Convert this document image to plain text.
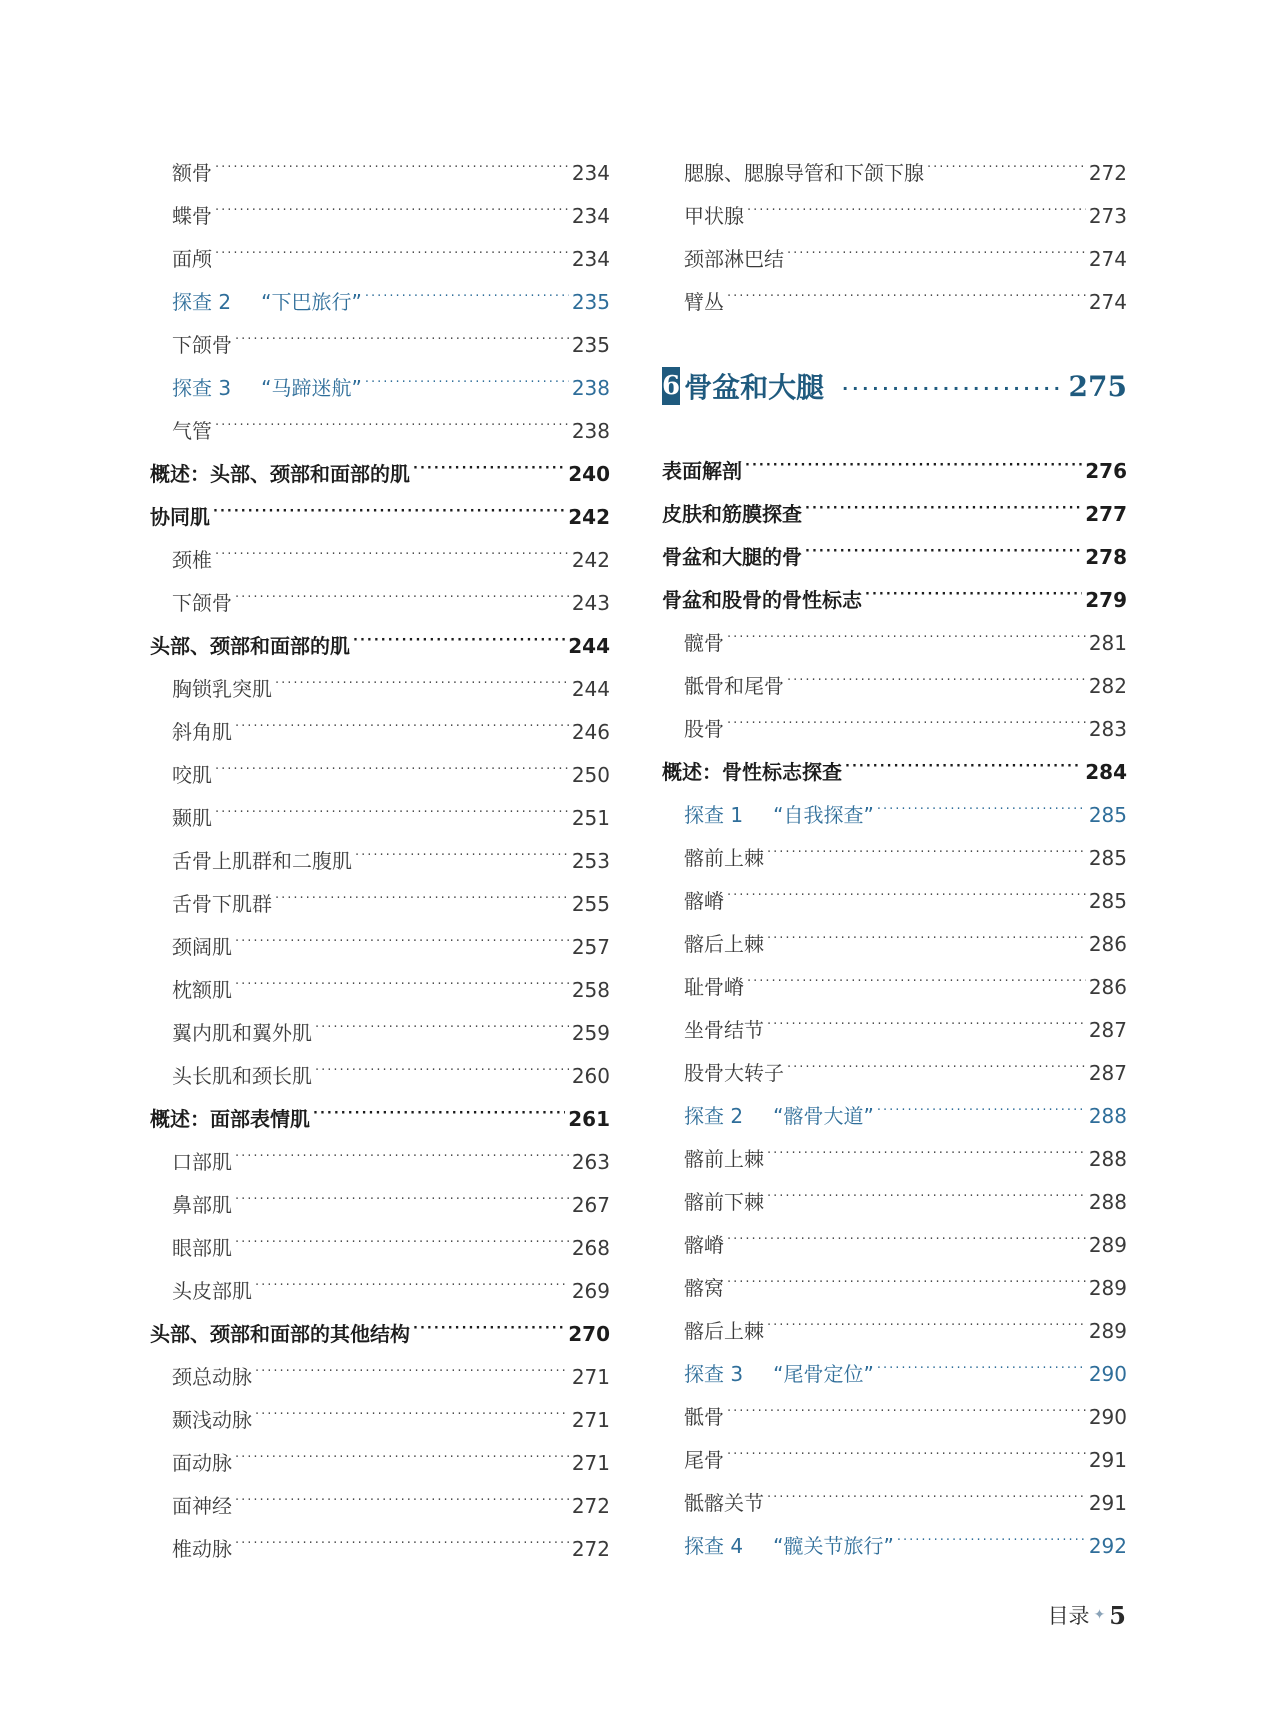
额骨 ·····	234
蝶骨 ·····	234
面颅 ·····	234
探查 2 “下巴旅行” ·····	235
下颌骨 ·····	235
探查 3 “马蹄迷航” ·····	238
气管 ·····	238
概述：头部、颈部和面部的肌 ·····	240
协同肌 ·····	242
颈椎 ·····	242
下颌骨 ·····	243
头部、颈部和面部的肌 ·····	244
胸锁乳突肌 ·····	244
斜角肌 ·····	246
咬肌 ·····	250
颞肌 ·····	251
舌骨上肌群和二腹肌 ·····	253
舌骨下肌群 ·····	255
颈阔肌 ·····	257
枕额肌 ·····	258
翼内肌和翼外肌 ·····	259
头长肌和颈长肌 ·····	260
概述：面部表情肌 ·····	261
口部肌 ·····	263
鼻部肌 ·····	267
眼部肌 ·····	268
头皮部肌 ·····	269
头部、颈部和面部的其他结构 ·····	270
颈总动脉 ·····	271
颞浅动脉 ·····	271
面动脉 ·····	271
面神经 ·····	272
椎动脉 ·····	272
腮腺、腮腺导管和下颌下腺 ·····	272
甲状腺 ·····	273
颈部淋巴结 ·····	274
臂丛 ·····	274
6 骨盆和大腿 ·····	275
表面解剖 ·····	276
皮肤和筋膜探查 ·····	277
骨盆和大腿的骨 ·····	278
骨盆和股骨的骨性标志 ·····	279
髋骨 ·····	281
骶骨和尾骨 ·····	282
股骨 ·····	283
概述：骨性标志探查 ·····	284
探查 1 “自我探查” ·····	285
髂前上棘 ·····	285
髂嵴 ·····	285
髂后上棘 ·····	286
耻骨嵴 ·····	286
坐骨结节 ·····	287
股骨大转子 ·····	287
探查 2 “髂骨大道” ·····	288
髂前上棘 ·····	288
髂前下棘 ·····	288
髂嵴 ·····	289
髂窝 ·····	289
髂后上棘 ·····	289
探查 3 “尾骨定位” ·····	290
骶骨 ·····	290
尾骨 ·····	291
骶髂关节 ·····	291
探查 4 “髋关节旅行” ·····	292
目录 ✦ 5
